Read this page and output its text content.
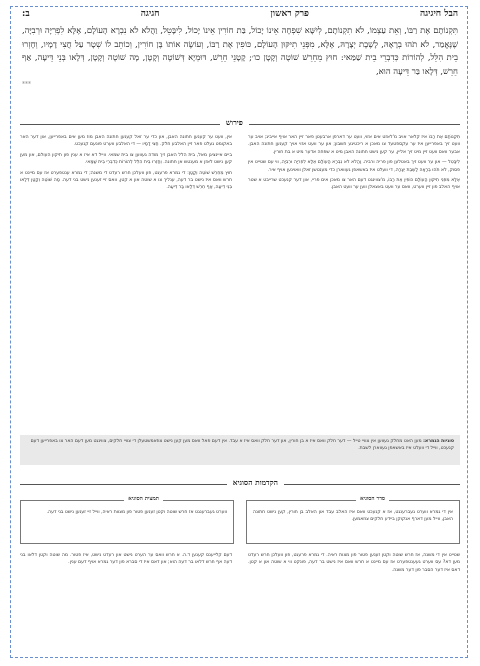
הבל חיגיגה
פרק ראשון
חגיגה
ב:
תִּקְנוֹתָם אֶת רַבּוֹ, וְאֵת עַצְמוֹ, לֹא תִקְנוֹתָם, לְיִשָּׁא שִׁפְחָה אֵינוֹ יָכוֹל, בַּת חוֹרִין אֵינוֹ יָכוֹל, לִיבָּטֵל, וַהֲלֹא לֹא נִבְרָא הָעוֹלָם, אֶלָּא לִפְרִיָּה וּרְבִיָּה, שֶׁנֶּאֱמַר, לֹא תֹהוּ בְרָאָהּ, לָשֶׁבֶת יְצָרָהּ, אֶלָּא, מִפְּנֵי תִיקּוּן הָעוֹלָם, כּוֹפִין אֶת רַבּוֹ, וְעוֹשֶׂה אוֹתוֹ בֶּן חוֹרִין, וְכוֹתֵב לוֹ שְׁטָר עַל חֲצִי דָמָיו, וְחָזְרוּ בֵית הִלֵּל, לְהוֹרוֹת כְּדִבְרֵי בֵית שַׁמַּאי: חוּץ מֵחֵרֵשׁ שׁוֹטֶה וְקָטָן כו׳; קָטָנֵי חֵרֵשׁ, דּוּמְיָא דְּשׁוֹטֶה וְקָטָן, מָה שׁוֹטֶה וְקָטָן, דְּלָאו בְּנֵי דֵּיעָה, אַף חֵרֵשׁ, דְּלָאו בַּר דֵּיעָה הוּא,
***
פירוש

תִּקְנוֹתָם אֶת רַבּוֹ איז קלאר אויב מ'לאזט אים אזוי, וועט ער דארפן ארבעטן פאר זיין האר אויף אייביג; אויב ער וועט זיך באפרייען איז ער עקספטעד צו מאכן א ריכטיגע חשבון; און ער וועט אזוי אויך קענען חתונה האבן. אבער וואס וועט זיין מיט זיך אליין, ער קען נישט חתונה האבן מיט א שפחה אדער מיט א בת חורין.

לִיבָּטֵל — און ער וועט זיך באטלען פון פריה ורביה. וַהֲלֹא לֹא נִבְרָא הָעוֹלָם אֶלָּא לִפְרִיָּה וּרְבִיָּה, ווי עס שטייט אין פסוק, לֹא תֹהוּ בְרָאָהּ לָשֶׁבֶת יְצָרָהּ, די וועלט איז באשאפן געווארן כדי מענטשן זאלן וואוינען אויף איר.

אֶלָּא מִפְּנֵי תִיקּוּן הָעוֹלָם כּוֹפִין אֶת רַבּוֹ, מ'צווינגט דעם האר צו מאכן אים פריי, און דער קנעכט שרייבט א שטר אויף האלב פון זיין ווערט, וואס ער וועט באצאלן ווען ער וועט האבן.

אין, וועט ער קענען חתונה האבן, און כדי ער זאל קענען חתונה האבן מוז מען אים באפרייען, און דער האר באקומט געלט פאר זיין האלבע חלק. חֲצִי דָמָיו — די האלבע ווערט פונעם קנעכט.

ביים איינציגן מאל, בית הלל האבן זיך מודה געווען צו בית שמאי. ווייל דא איז א ענין פון תיקון העולם, און מען קען נישט לאזן א מענטש אן חתונה. וְחָזְרוּ בֵית הִלֵּל לְהוֹרוֹת כְּדִבְרֵי בֵית שַׁמַּאי.

חוּץ מֵחֵרֵשׁ שׁוֹטֶה וְקָטָן: די גמרא פרעגט, פון וועלכן חרש רעדט די משנה; די גמרא ענטפערט אז עס מיינט א חרש וואס איז נישט בר דעה, ענליך צו א שוטה און א קטן, וואס זיי זענען נישט בני דעה. מָה שׁוֹטֶה וְקָטָן דְּלָאו בְּנֵי דֵּיעָה, אַף חֵרֵשׁ דְּלָאו בַּר דֵּיעָה.

סוגיות הגמרא: מען האט מחלק געווען אין צוויי טייל — דער חלק וואס איז א בן חורין, און דער חלק וואס איז א עבד. אין דעם פאל וואס מען קען נישט צוזאמשטעלן די צוויי חלקים, צווינגט מען דעם האר צו באפרייען דעם קנעכט, ווייל די וועלט איז באשאפן געווארן לשבת.
הקדמות הסוגיא
סדר הסוגיא
אין די גמרא ווערט געברענגט, אז א קנעכט וואס איז האלב עבד און האלב בן חורין, קען נישט חתונה האבן, ווייל מען דארף אנקוקן ביידע חלקים צוזאמען.
תמצית הסוגיא
ווערט געברענגט אז חרש שוטה וקטן זענען פטור פון מצוות ראיה, ווייל זיי זענען נישט בני דעה.
שטייט אין די משנה, אז חרש שוטה וקטן זענען פטור פון מצות ראיה. די גמרא פרעגט, פון וועלכן חרש רעדט מען דא? עס ווערט געענטפערט אז עס מיינט א חרש וואס איז נישט בר דעה, פונקט ווי א שוטה און א קטן. דאס איז דער הסבר פון דער משנה.
דעם קלייענס קענען ד.ה. א חרש וואס ער הערט נישט און רעדט נישט, איז פטור. מה שוטה וקטן דלאו בני דעה אף חרש דלאו בר דעה הוא; און דאס איז די סברא פון דער גמרא אויף דעם ענין.
